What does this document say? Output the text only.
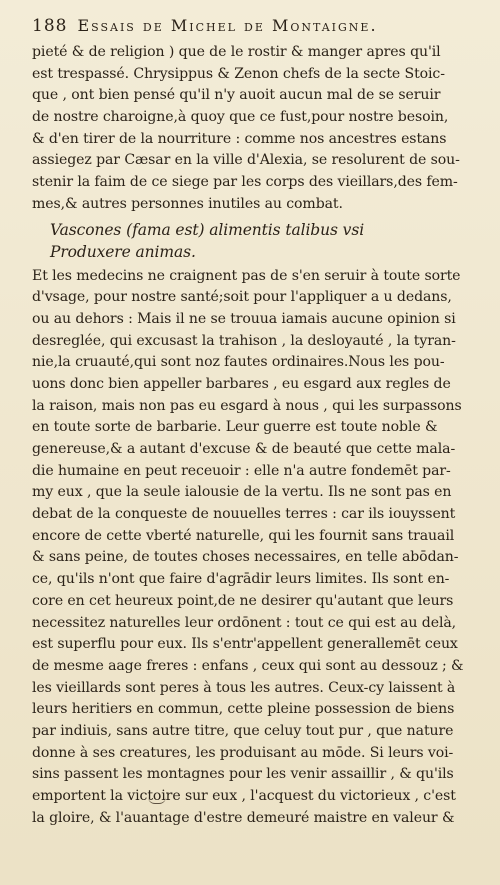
188 Essais de Michel de Montaigne.
pieté & de religion ) que de le rostir & manger apres qu'il
est trespassé. Chrysippus & Zenon chefs de la secte Stoic-
que , ont bien pensé qu'il n'y auoit aucun mal de se seruir
de nostre charoigne,à quoy que ce fust,pour nostre besoin,
& d'en tirer de la nourriture : comme nos ancestres estans
assiegez par Cæsar en la ville d'Alexia, se resolurent de sou-
stenir la faim de ce siege par les corps des vieillars,des fem-
mes,& autres personnes inutiles au combat.
Vascones (fama est) alimentis talibus vsi
Produxere animas.
Et les medecins ne craignent pas de s'en seruir à toute sorte
d'vsage, pour nostre santé;soit pour l'appliquer a u dedans,
ou au dehors : Mais il ne se trouua iamais aucune opinion si
desreglée, qui excusast la trahison , la desloyauté , la tyran-
nie,la cruauté,qui sont noz fautes ordinaires.Nous les pou-
uons donc bien appeller barbares , eu esgard aux regles de
la raison, mais non pas eu esgard à nous , qui les surpassons
en toute sorte de barbarie. Leur guerre est toute noble &
genereuse,& a autant d'excuse & de beauté que cette mala-
die humaine en peut receuoir : elle n'a autre fondemēt par-
my eux , que la seule ialousie de la vertu. Ils ne sont pas en
debat de la conqueste de nouuelles terres : car ils iouyssent
encore de cette vberté naturelle, qui les fournit sans trauail
& sans peine, de toutes choses necessaires, en telle abōdan-
ce, qu'ils n'ont que faire d'agrādir leurs limites. Ils sont en-
core en cet heureux point,de ne desirer qu'autant que leurs
necessitez naturelles leur ordōnent : tout ce qui est au delà,
est superflu pour eux. Ils s'entr'appellent generallemēt ceux
de mesme aage freres : enfans , ceux qui sont au dessouz ; &
les vieillards sont peres à tous les autres. Ceux-cy laissent à
leurs heritiers en commun, cette pleine possession de biens
par indiuis, sans autre titre, que celuy tout pur , que nature
donne à ses creatures, les produisant au mōde. Si leurs voi-
sins passent les montagnes pour les venir assaillir , & qu'ils
emportent la victoire sur eux , l'acquest du victorieux , c'est
la gloire, & l'auantage d'estre demeuré maistre en valeur &
